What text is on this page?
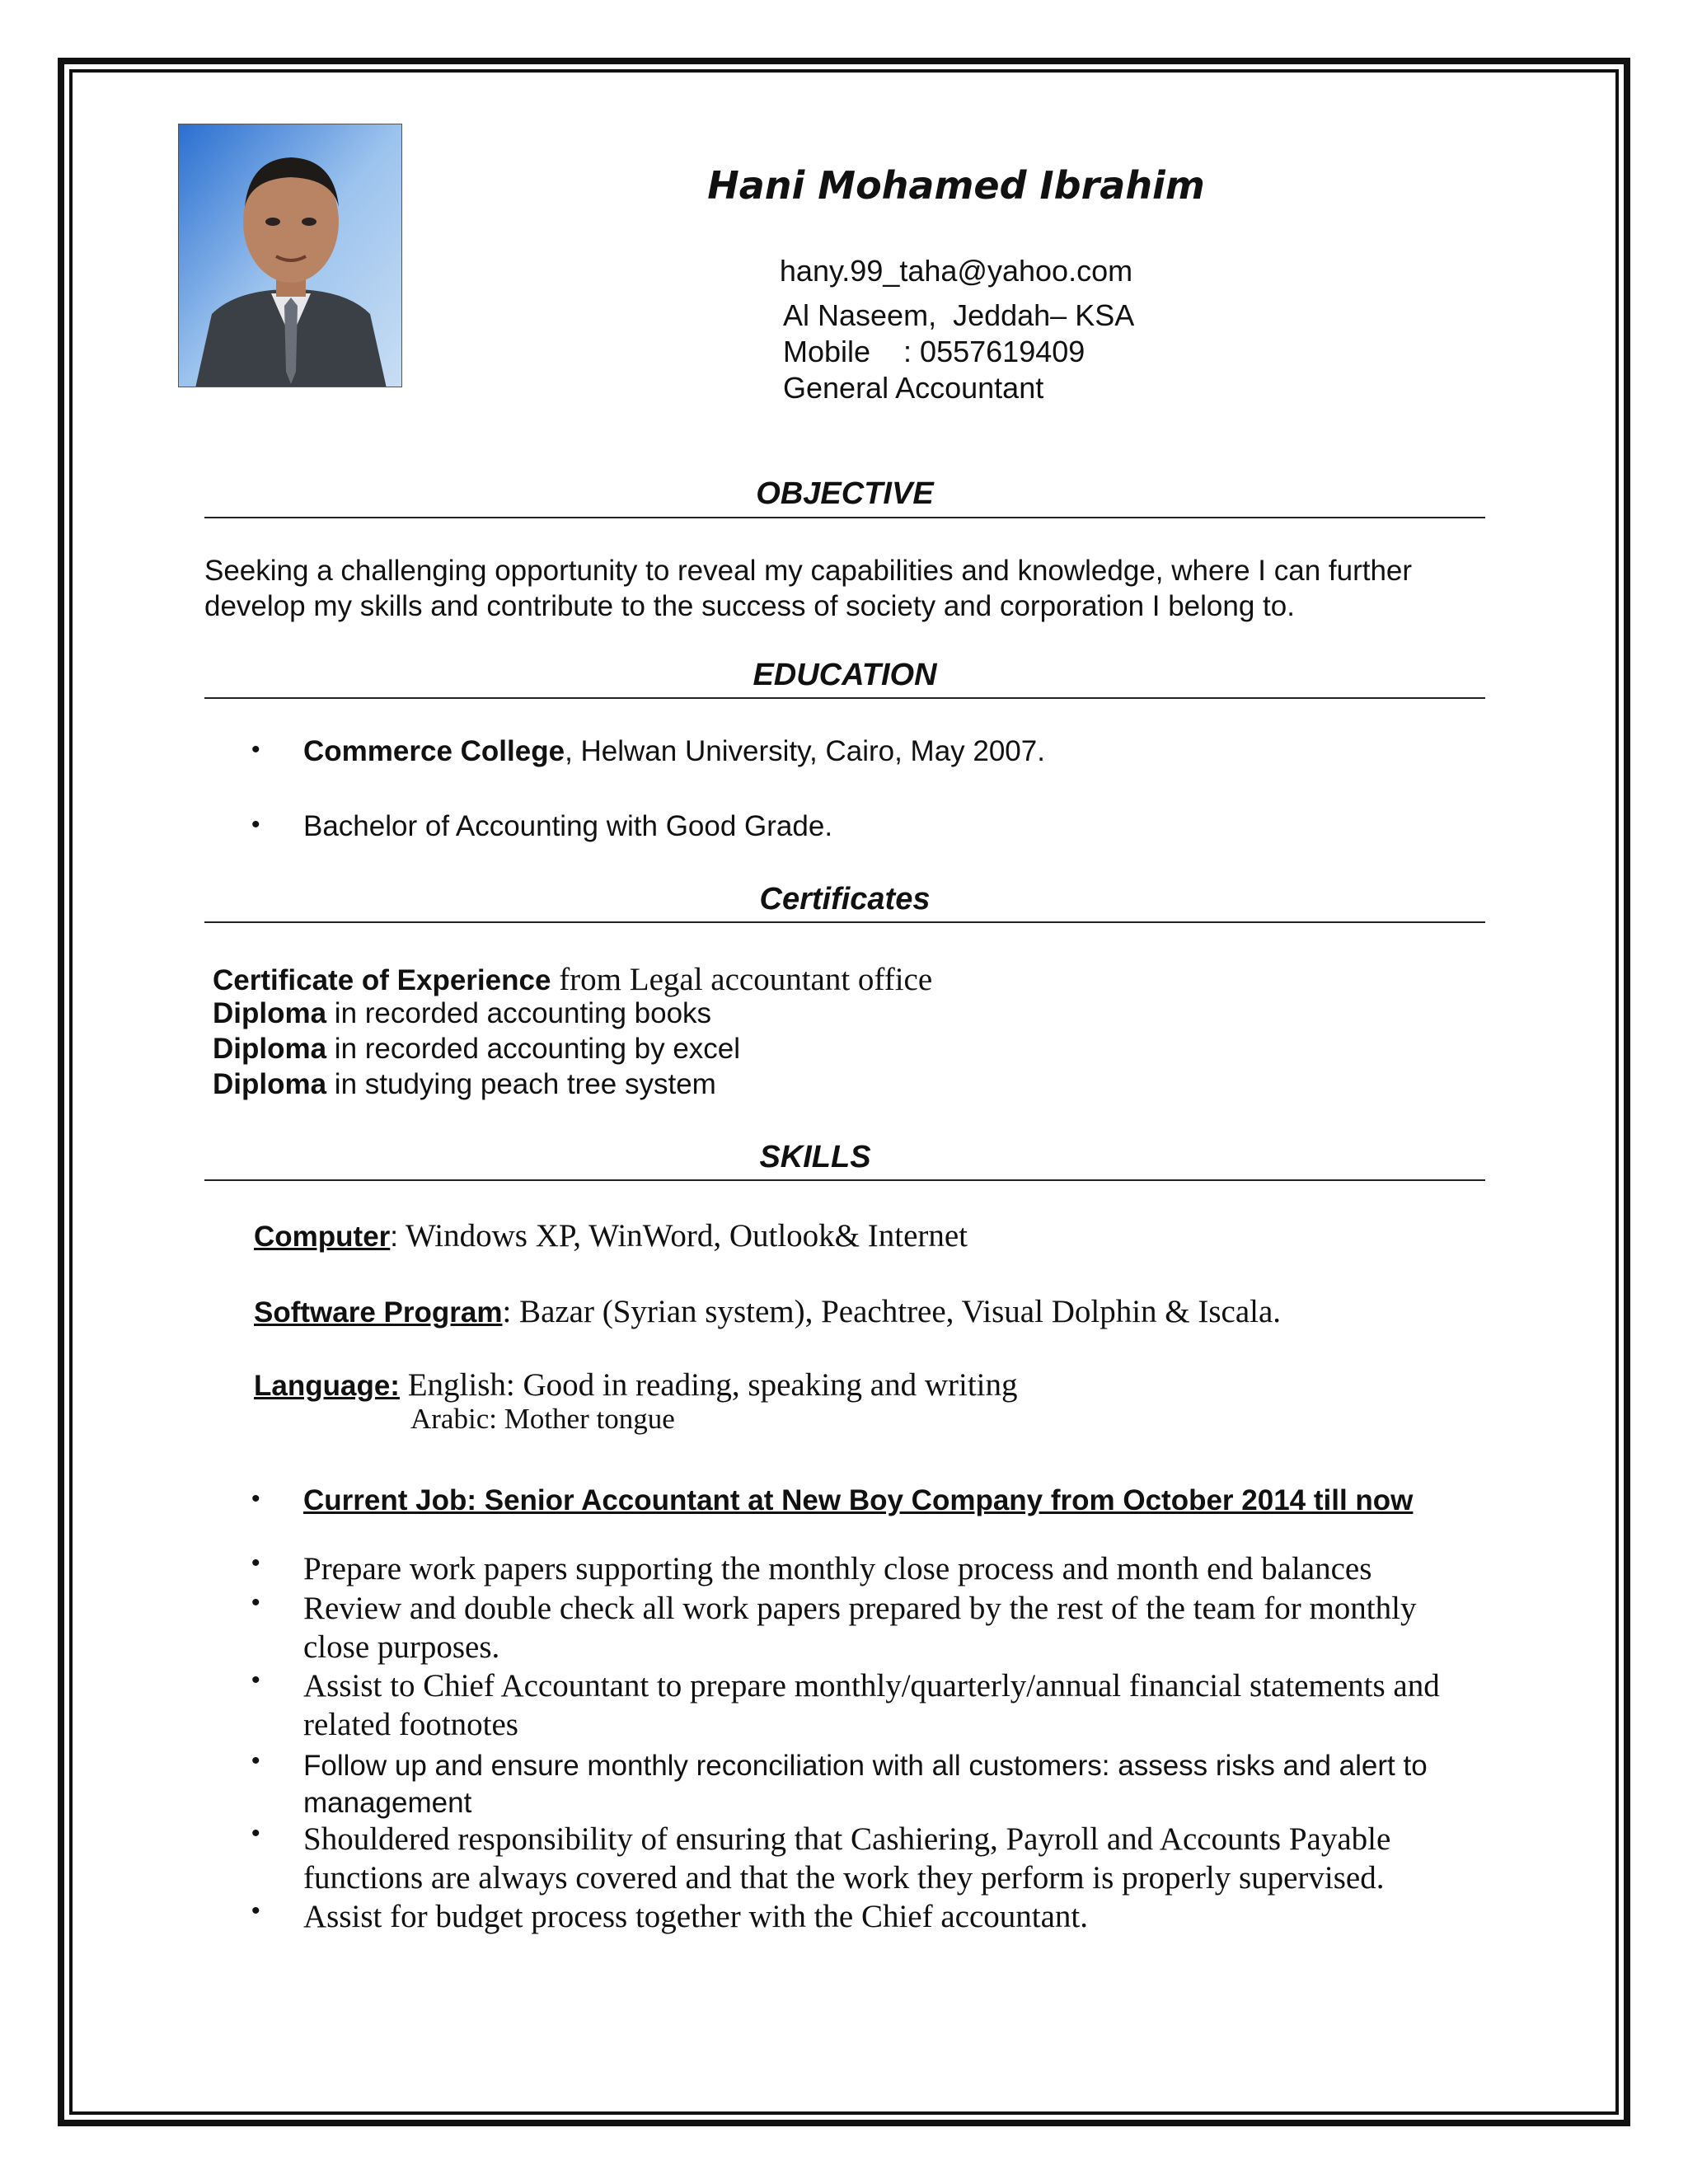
Hani Mohamed Ibrahim
hany.99_taha@yahoo.com
Al Naseem,  Jeddah– KSA
Mobile    : 0557619409
General Accountant
OBJECTIVE
Seeking a challenging opportunity to reveal my capabilities and knowledge, where I can further
develop my skills and contribute to the success of society and corporation I belong to.
EDUCATION
• Commerce College, Helwan University, Cairo, May 2007.
• Bachelor of Accounting with Good Grade.
Certificates
Certificate of Experience from Legal accountant office
Diploma in recorded accounting books
Diploma in recorded accounting by excel
Diploma in studying peach tree system
SKILLS
Computer: Windows XP, WinWord, Outlook& Internet
Software Program: Bazar (Syrian system), Peachtree, Visual Dolphin & Iscala.
Language: English: Good in reading, speaking and writing
Arabic: Mother tongue
• Current Job: Senior Accountant at New Boy Company from October 2014 till now
• Prepare work papers supporting the monthly close process and month end balances
• Review and double check all work papers prepared by the rest of the team for monthly close purposes.
• Assist to Chief Accountant to prepare monthly/quarterly/annual financial statements and related footnotes
• Follow up and ensure monthly reconciliation with all customers: assess risks and alert to management
• Shouldered responsibility of ensuring that Cashiering, Payroll and Accounts Payable functions are always covered and that the work they perform is properly supervised.
• Assist for budget process together with the Chief accountant.
